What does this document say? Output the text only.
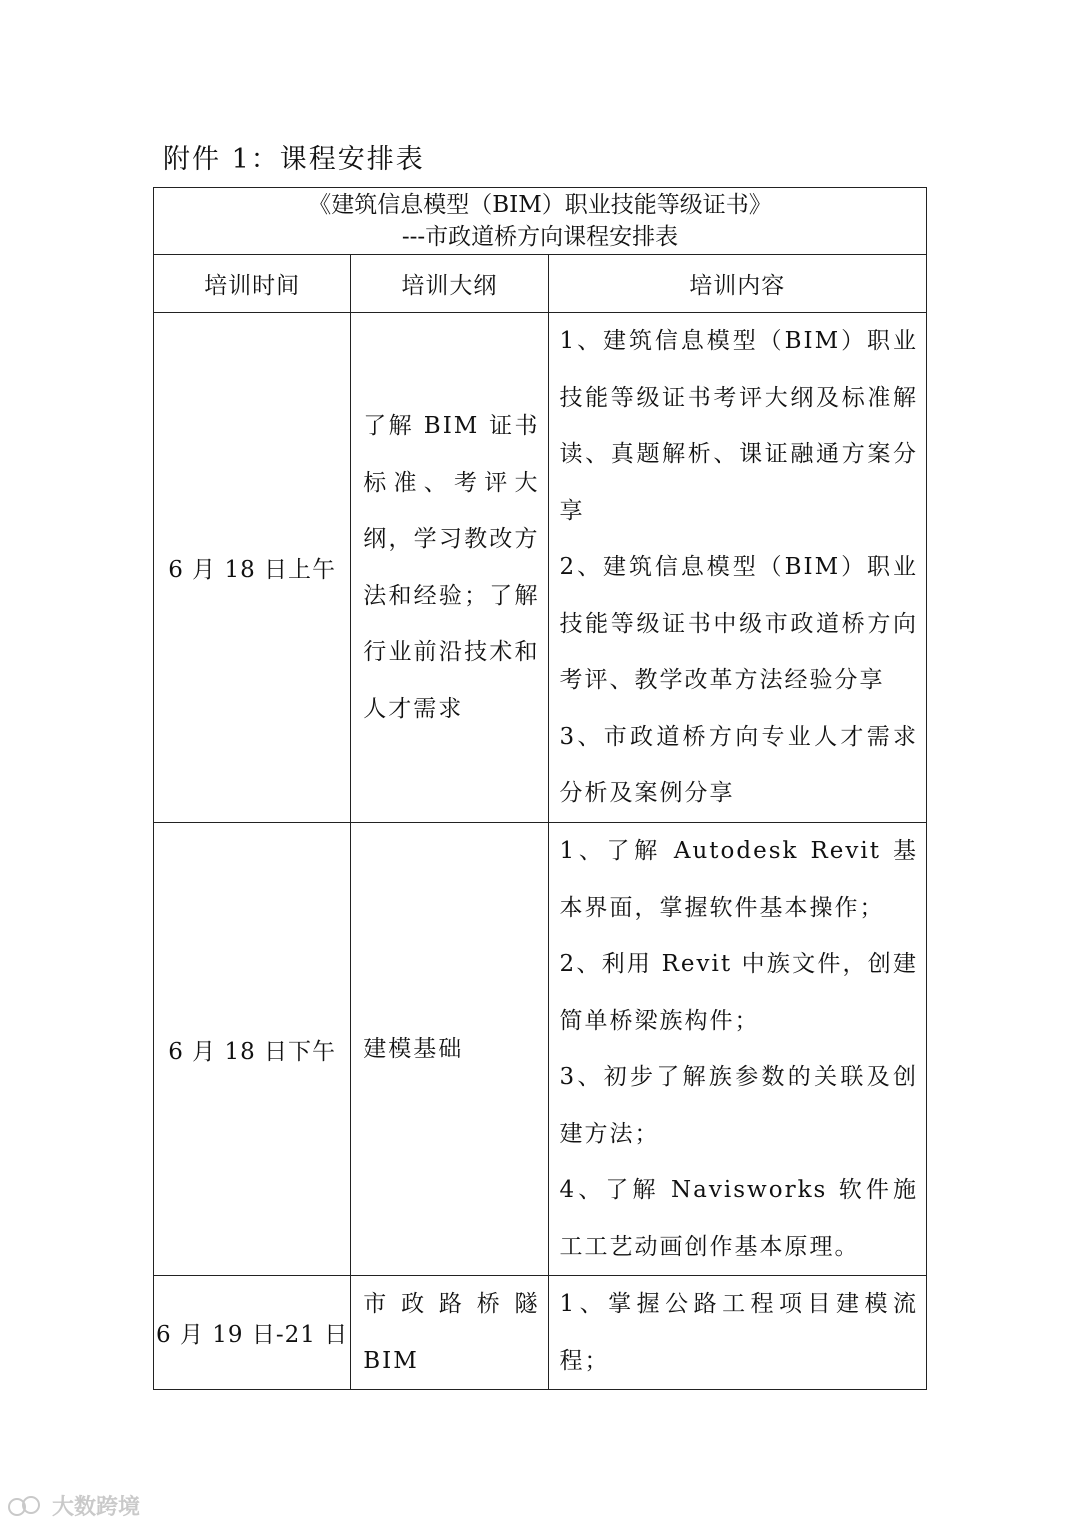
附件 1：课程安排表
《建筑信息模型（BIM）职业技能等级证书》
---市政道桥方向课程安排表		

培训时间	培训大纲	培训内容
6 月 18 日上午	了解 BIM 证书标准、考评大纲，学习教改方法和经验；了解行业前沿技术和人才需求	1、建筑信息模型（BIM）职业技能等级证书考评大纲及标准解读、真题解析、课证融通方案分享
2、建筑信息模型（BIM）职业技能等级证书中级市政道桥方向考评、教学改革方法经验分享
3、市政道桥方向专业人才需求分析及案例分享

6 月 18 日下午	建模基础	1、了解 Autodesk Revit 基本界面，掌握软件基本操作；
2、利用 Revit 中族文件，创建简单桥梁族构件；
3、初步了解族参数的关联及创建方法；
4、了解 Navisworks 软件施工工艺动画创作基本原理。

6 月 19 日-21 日	市政路桥隧 BIM	1、掌握公路工程项目建模流程；
大数跨境
